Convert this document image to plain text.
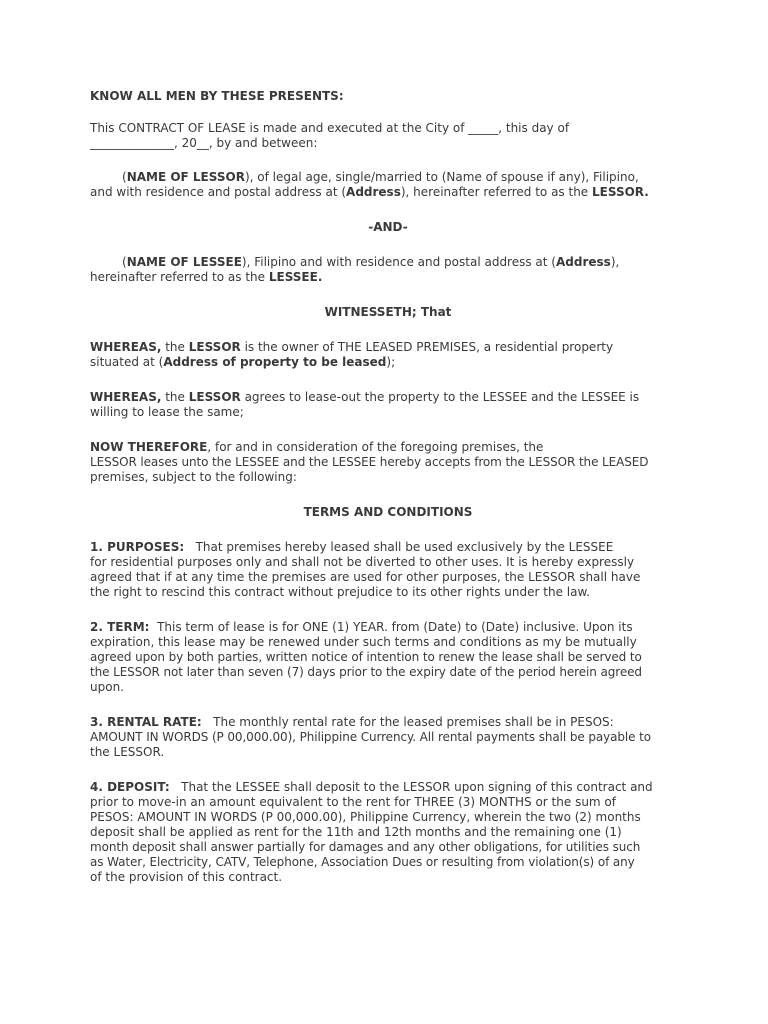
KNOW ALL MEN BY THESE PRESENTS:

This CONTRACT OF LEASE is made and executed at the City of _____, this day of
______________, 20__, by and between:

(NAME OF LESSOR), of legal age, single/married to (Name of spouse if any), Filipino,
and with residence and postal address at (Address), hereinafter referred to as the LESSOR.

-AND-

(NAME OF LESSEE), Filipino and with residence and postal address at (Address),
hereinafter referred to as the LESSEE.

WITNESSETH; That

WHEREAS, the LESSOR is the owner of THE LEASED PREMISES, a residential property
situated at (Address of property to be leased);

WHEREAS, the LESSOR agrees to lease-out the property to the LESSEE and the LESSEE is
willing to lease the same;

NOW THEREFORE, for and in consideration of the foregoing premises, the
LESSOR leases unto the LESSEE and the LESSEE hereby accepts from the LESSOR the LEASED
premises, subject to the following:

TERMS AND CONDITIONS

1. PURPOSES:   That premises hereby leased shall be used exclusively by the LESSEE
for residential purposes only and shall not be diverted to other uses. It is hereby expressly
agreed that if at any time the premises are used for other purposes, the LESSOR shall have
the right to rescind this contract without prejudice to its other rights under the law.
2. TERM:  This term of lease is for ONE (1) YEAR. from (Date) to (Date) inclusive. Upon its
expiration, this lease may be renewed under such terms and conditions as my be mutually
agreed upon by both parties, written notice of intention to renew the lease shall be served to
the LESSOR not later than seven (7) days prior to the expiry date of the period herein agreed
upon.
3. RENTAL RATE:   The monthly rental rate for the leased premises shall be in PESOS:
AMOUNT IN WORDS (P 00,000.00), Philippine Currency. All rental payments shall be payable to
the LESSOR.
4. DEPOSIT:   That the LESSEE shall deposit to the LESSOR upon signing of this contract and
prior to move-in an amount equivalent to the rent for THREE (3) MONTHS or the sum of
PESOS: AMOUNT IN WORDS (P 00,000.00), Philippine Currency, wherein the two (2) months
deposit shall be applied as rent for the 11th and 12th months and the remaining one (1)
month deposit shall answer partially for damages and any other obligations, for utilities such
as Water, Electricity, CATV, Telephone, Association Dues or resulting from violation(s) of any
of the provision of this contract.
